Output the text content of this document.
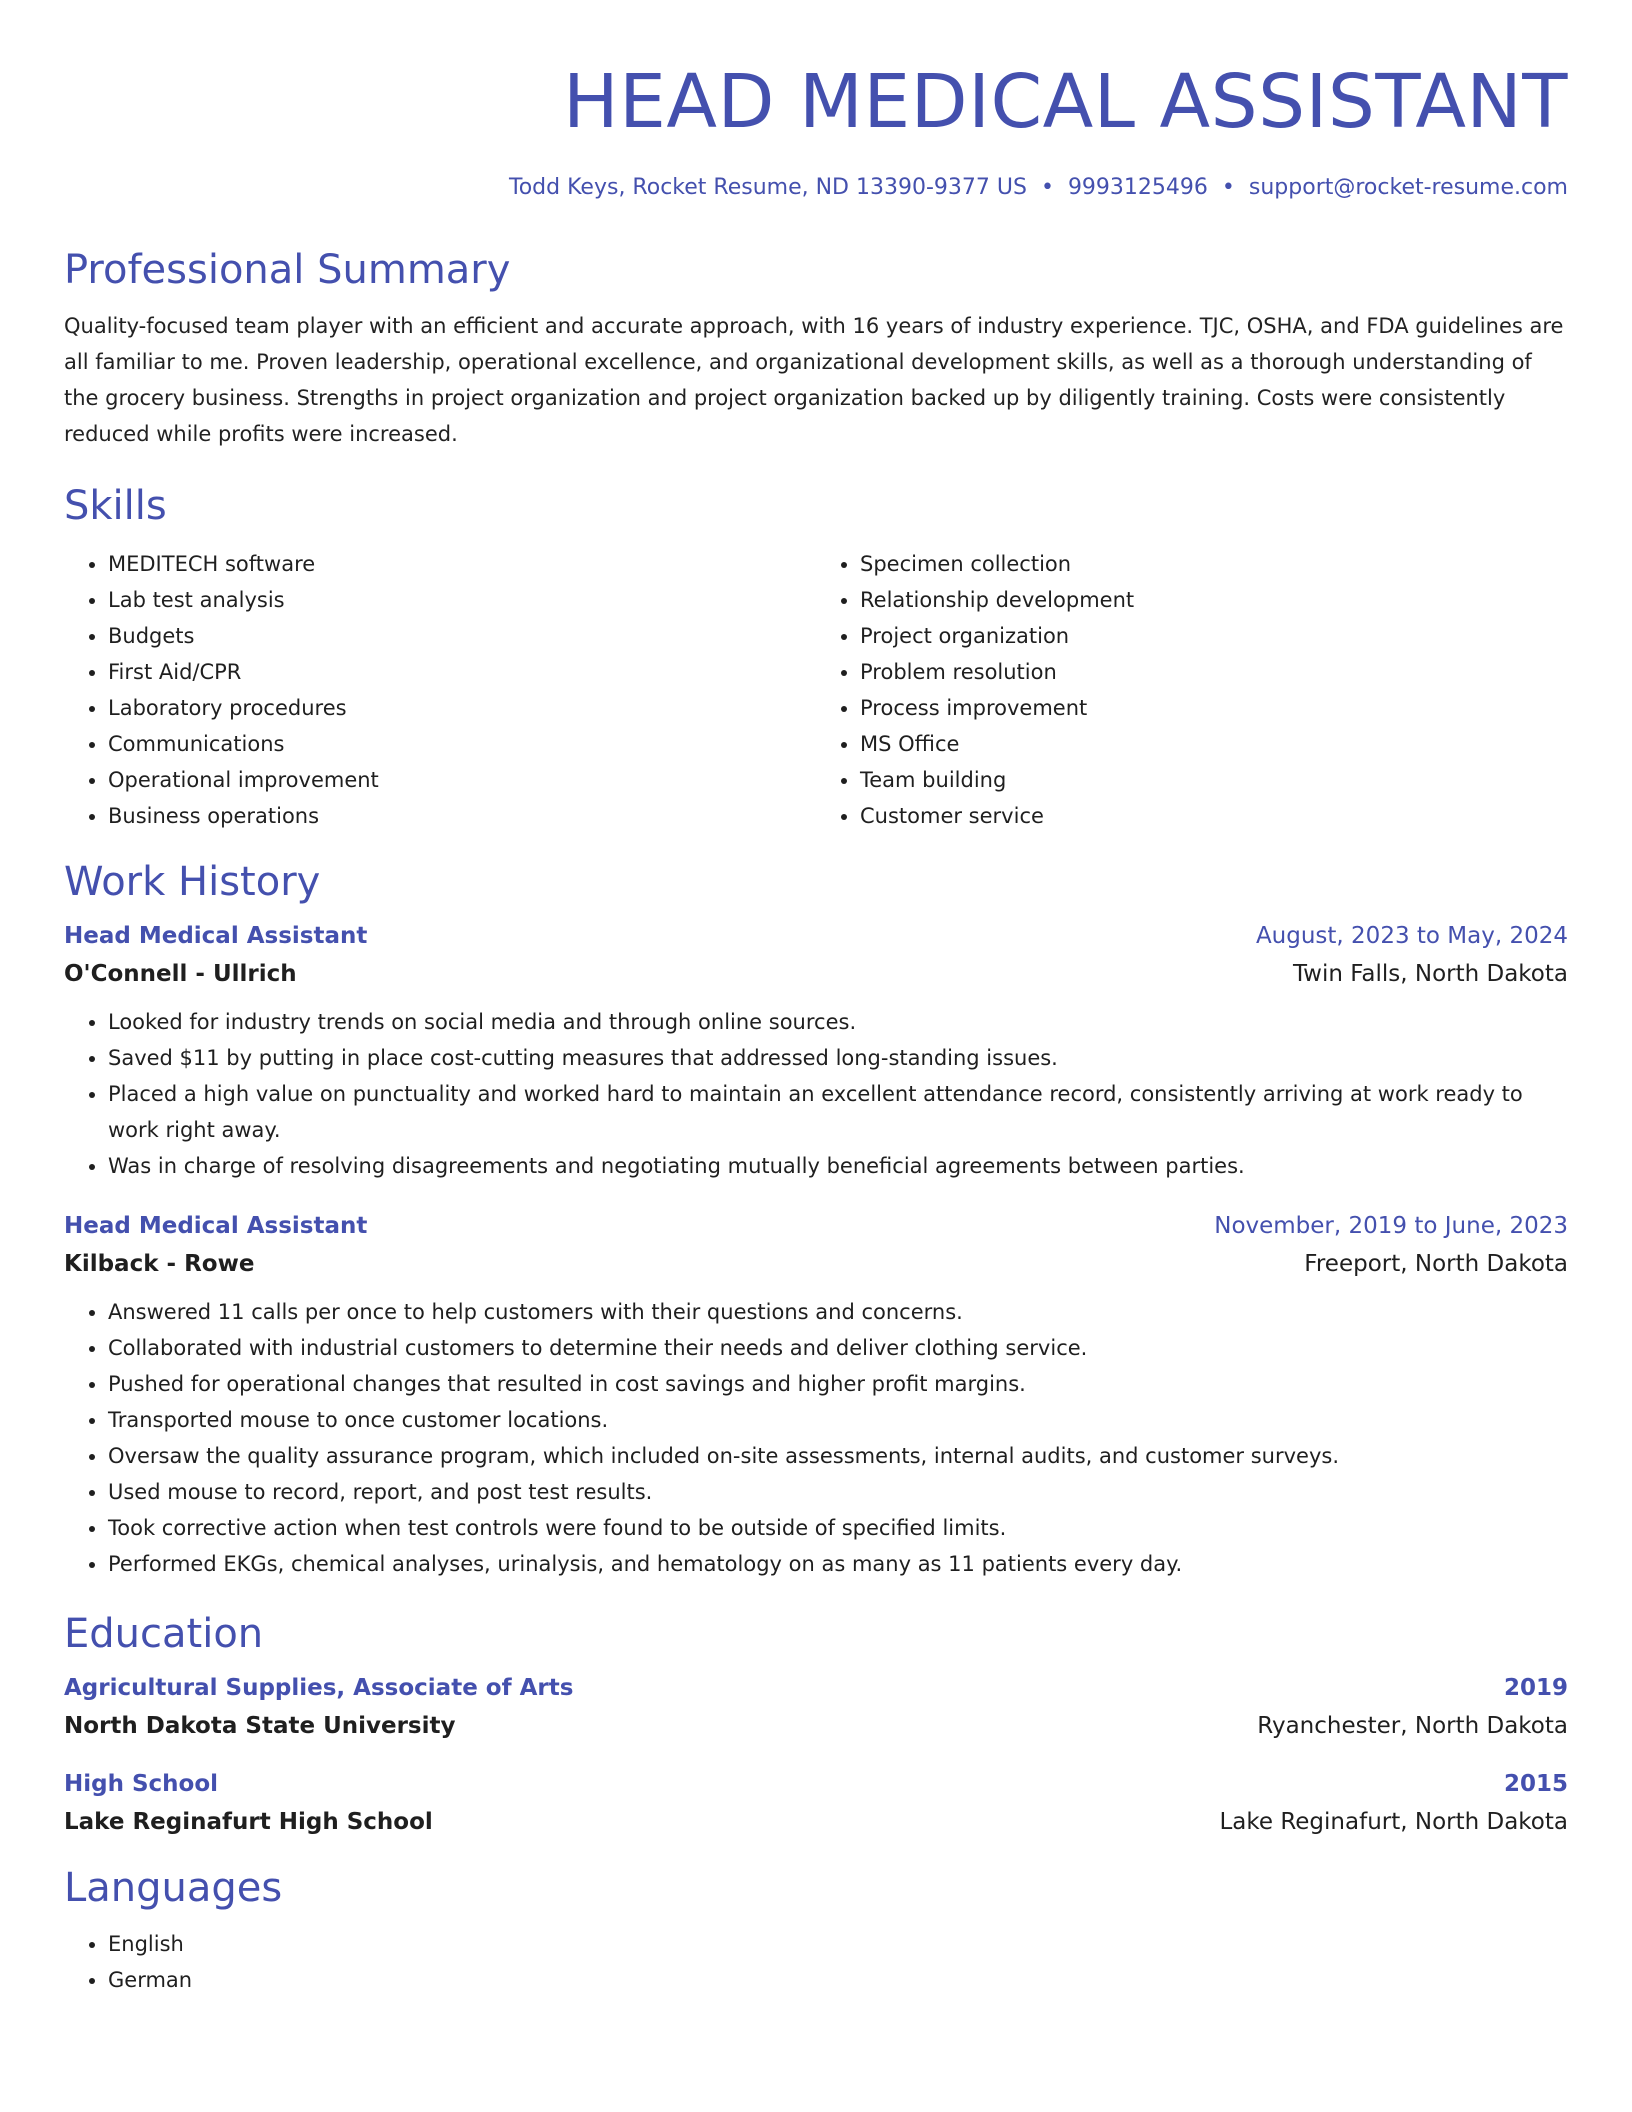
HEAD MEDICAL ASSISTANT
Todd Keys, Rocket Resume, ND 13390-9377 US • 9993125496 • support@rocket-resume.com
Professional Summary

Quality-focused team player with an efficient and accurate approach, with 16 years of industry experience. TJC, OSHA, and FDA guidelines are all familiar to me. Proven leadership, operational excellence, and organizational development skills, as well as a thorough understanding of the grocery business. Strengths in project organization and project organization backed up by diligently training. Costs were consistently reduced while profits were increased.

Skills
• MEDITECH software
• Lab test analysis
• Budgets
• First Aid/CPR
• Laboratory procedures
• Communications
• Operational improvement
• Business operations
• Specimen collection
• Relationship development
• Project organization
• Problem resolution
• Process improvement
• MS Office
• Team building
• Customer service
Work History
Head Medical Assistant	August, 2023 to May, 2024
O'Connell - Ullrich	Twin Falls, North Dakota
• Looked for industry trends on social media and through online sources.
• Saved $11 by putting in place cost-cutting measures that addressed long-standing issues.
• Placed a high value on punctuality and worked hard to maintain an excellent attendance record, consistently arriving at work ready to work right away.
• Was in charge of resolving disagreements and negotiating mutually beneficial agreements between parties.
Head Medical Assistant	November, 2019 to June, 2023
Kilback - Rowe	Freeport, North Dakota
• Answered 11 calls per once to help customers with their questions and concerns.
• Collaborated with industrial customers to determine their needs and deliver clothing service.
• Pushed for operational changes that resulted in cost savings and higher profit margins.
• Transported mouse to once customer locations.
• Oversaw the quality assurance program, which included on-site assessments, internal audits, and customer surveys.
• Used mouse to record, report, and post test results.
• Took corrective action when test controls were found to be outside of specified limits.
• Performed EKGs, chemical analyses, urinalysis, and hematology on as many as 11 patients every day.
Education
Agricultural Supplies, Associate of Arts	2019
North Dakota State University	Ryanchester, North Dakota
High School	2015
Lake Reginafurt High School	Lake Reginafurt, North Dakota
Languages
• English
• German
